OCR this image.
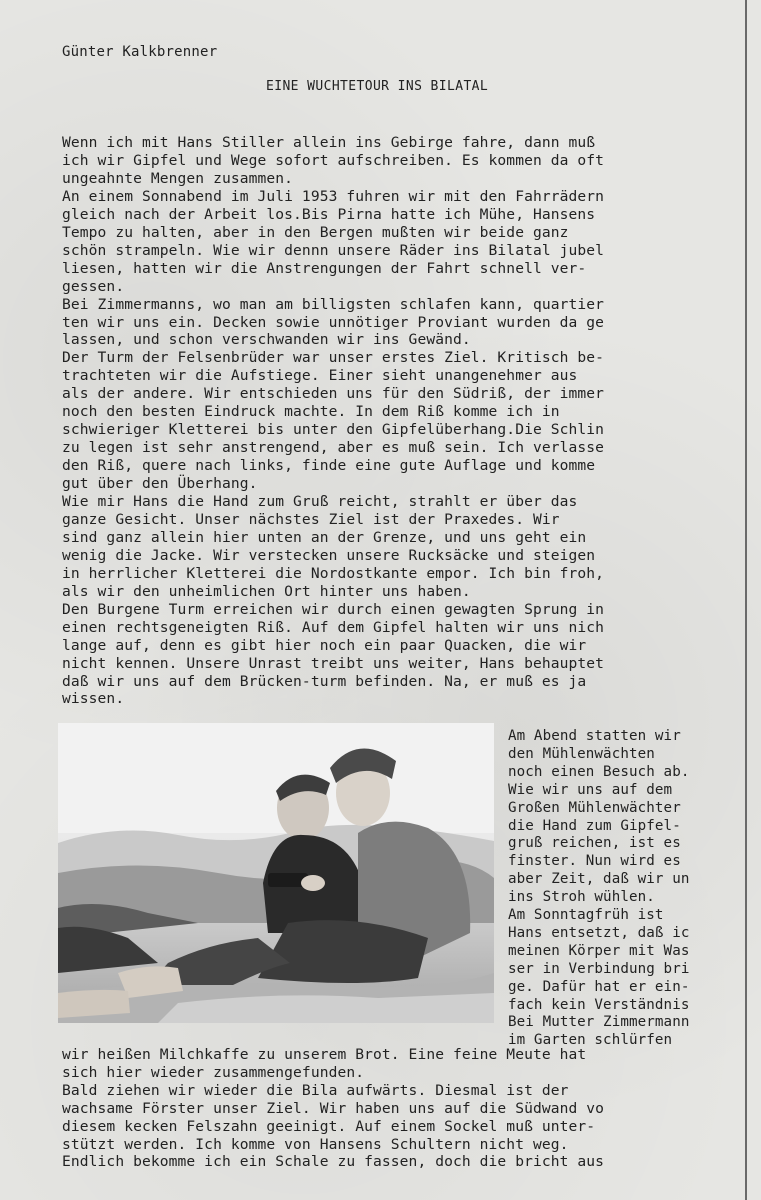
Günter Kalkbrenner
EINE WUCHTETOUR INS BILATAL
Wenn ich mit Hans Stiller allein ins Gebirge fahre, dann muß
ich wir Gipfel und Wege sofort aufschreiben. Es kommen da oft
ungeahnte Mengen zusammen.
An einem Sonnabend im Juli 1953 fuhren wir mit den Fahrrädern
gleich nach der Arbeit los.Bis Pirna hatte ich Mühe, Hansens
Tempo zu halten, aber in den Bergen mußten wir beide ganz
schön strampeln. Wie wir dennn unsere Räder ins Bilatal jubel
liesen, hatten wir die Anstrengungen der Fahrt schnell ver-
gessen.
Bei Zimmermanns, wo man am billigsten schlafen kann, quartier
ten wir uns ein. Decken sowie unnötiger Proviant wurden da ge
lassen, und schon verschwanden wir ins Gewänd.
Der Turm der Felsenbrüder war unser erstes Ziel. Kritisch be-
trachteten wir die Aufstiege. Einer sieht unangenehmer aus
als der andere. Wir entschieden uns für den Südriß, der immer
noch den besten Eindruck machte. In dem Riß komme ich in
schwieriger Kletterei bis unter den Gipfelüberhang.Die Schlin
zu legen ist sehr anstrengend, aber es muß sein. Ich verlasse
den Riß, quere nach links, finde eine gute Auflage und komme
gut über den Überhang.
Wie mir Hans die Hand zum Gruß reicht, strahlt er über das
ganze Gesicht. Unser nächstes Ziel ist der Praxedes. Wir
sind ganz allein hier unten an der Grenze, und uns geht ein
wenig die Jacke. Wir verstecken unsere Rucksäcke und steigen
in herrlicher Kletterei die Nordostkante empor. Ich bin froh,
als wir den unheimlichen Ort hinter uns haben.
Den Burgene Turm erreichen wir durch einen gewagten Sprung in
einen rechtsgeneigten Riß. Auf dem Gipfel halten wir uns nich
lange auf, denn es gibt hier noch ein paar Quacken, die wir
nicht kennen. Unsere Unrast treibt uns weiter, Hans behauptet
daß wir uns auf dem Brücken-turm befinden. Na, er muß es ja
wissen.
Am Abend statten wir
den Mühlenwächten
noch einen Besuch ab.
Wie wir uns auf dem
Großen Mühlenwächter
die Hand zum Gipfel-
gruß reichen, ist es
finster. Nun wird es
aber Zeit, daß wir un
ins Stroh wühlen.
Am Sonntagfrüh ist
Hans entsetzt, daß ic
meinen Körper mit Was
ser in Verbindung bri
ge. Dafür hat er ein-
fach kein Verständnis
Bei Mutter Zimmermann
im Garten schlürfen
wir heißen Milchkaffe zu unserem Brot. Eine feine Meute hat
sich hier wieder zusammengefunden.
Bald ziehen wir wieder die Bila aufwärts. Diesmal ist der
wachsame Förster unser Ziel. Wir haben uns auf die Südwand vo
diesem kecken Felszahn geeinigt. Auf einem Sockel muß unter-
stützt werden. Ich komme von Hansens Schultern nicht weg.
Endlich bekomme ich ein Schale zu fassen, doch die bricht aus
